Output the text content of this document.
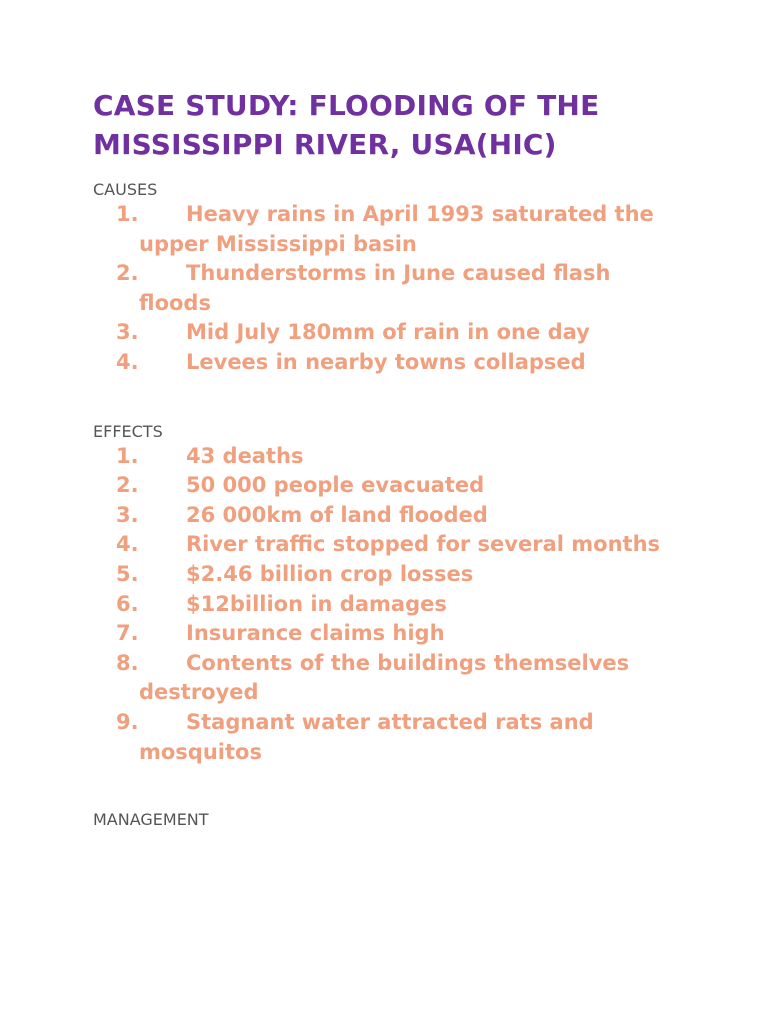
CASE STUDY: FLOODING OF THE MISSISSIPPI RIVER, USA(HIC)

CAUSES

1. Heavy rains in April 1993 saturated the upper Mississippi basin
2. Thunderstorms in June caused flash floods
3. Mid July 180mm of rain in one day
4. Levees in nearby towns collapsed

EFFECTS

1. 43 deaths
2. 50 000 people evacuated
3. 26 000km of land flooded
4. River traffic stopped for several months
5. $2.46 billion crop losses
6. $12billion in damages
7. Insurance claims high
8. Contents of the buildings themselves destroyed
9. Stagnant water attracted rats and mosquitos

MANAGEMENT
